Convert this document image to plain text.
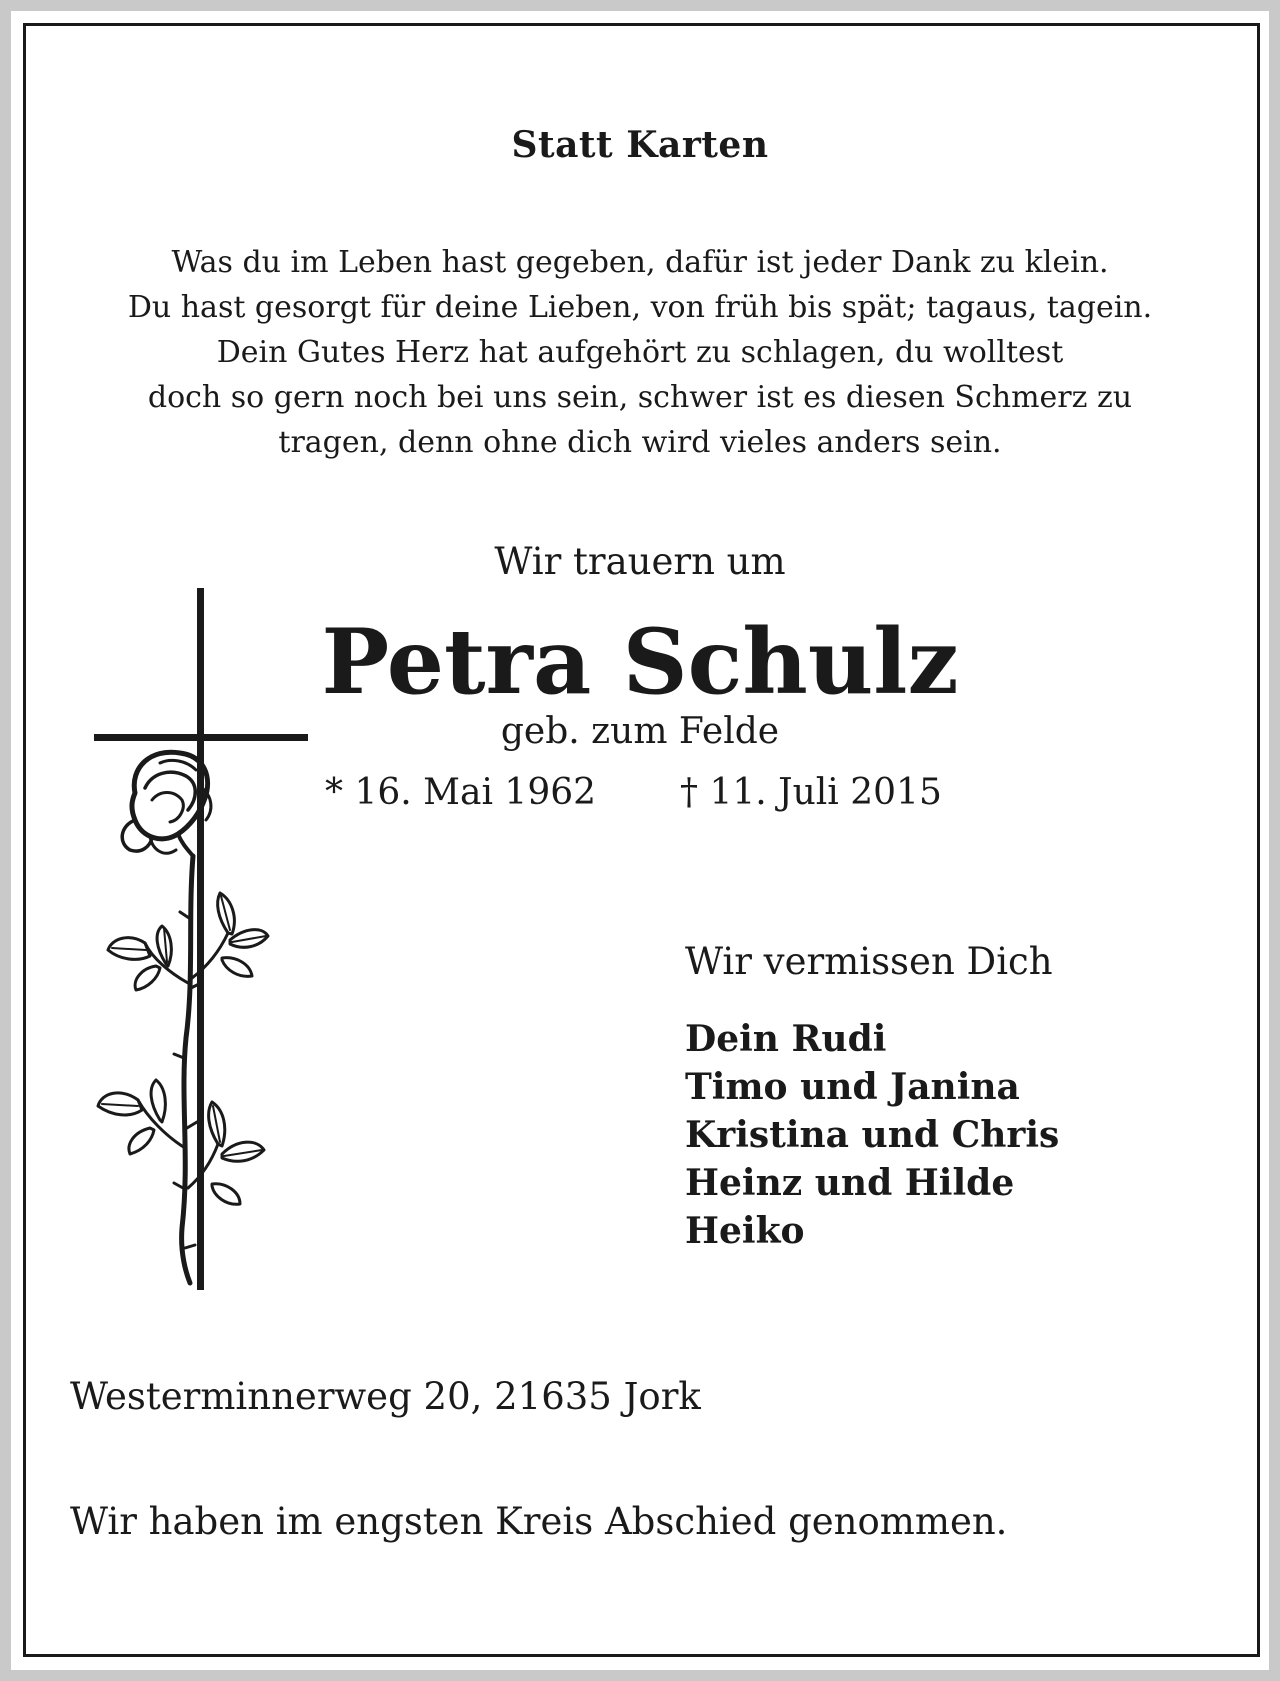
Statt Karten
Was du im Leben hast gegeben, dafür ist jeder Dank zu klein.
Du hast gesorgt für deine Lieben, von früh bis spät; tagaus, tagein.
Dein Gutes Herz hat aufgehört zu schlagen, du wolltest
doch so gern noch bei uns sein, schwer ist es diesen Schmerz zu
tragen, denn ohne dich wird vieles anders sein.
Wir trauern um
Petra Schulz
geb. zum Felde
* 16. Mai 1962 † 11. Juli 2015
Wir vermissen Dich
Dein Rudi
Timo und Janina
Kristina und Chris
Heinz und Hilde
Heiko
Westerminnerweg 20, 21635 Jork
Wir haben im engsten Kreis Abschied genommen.
